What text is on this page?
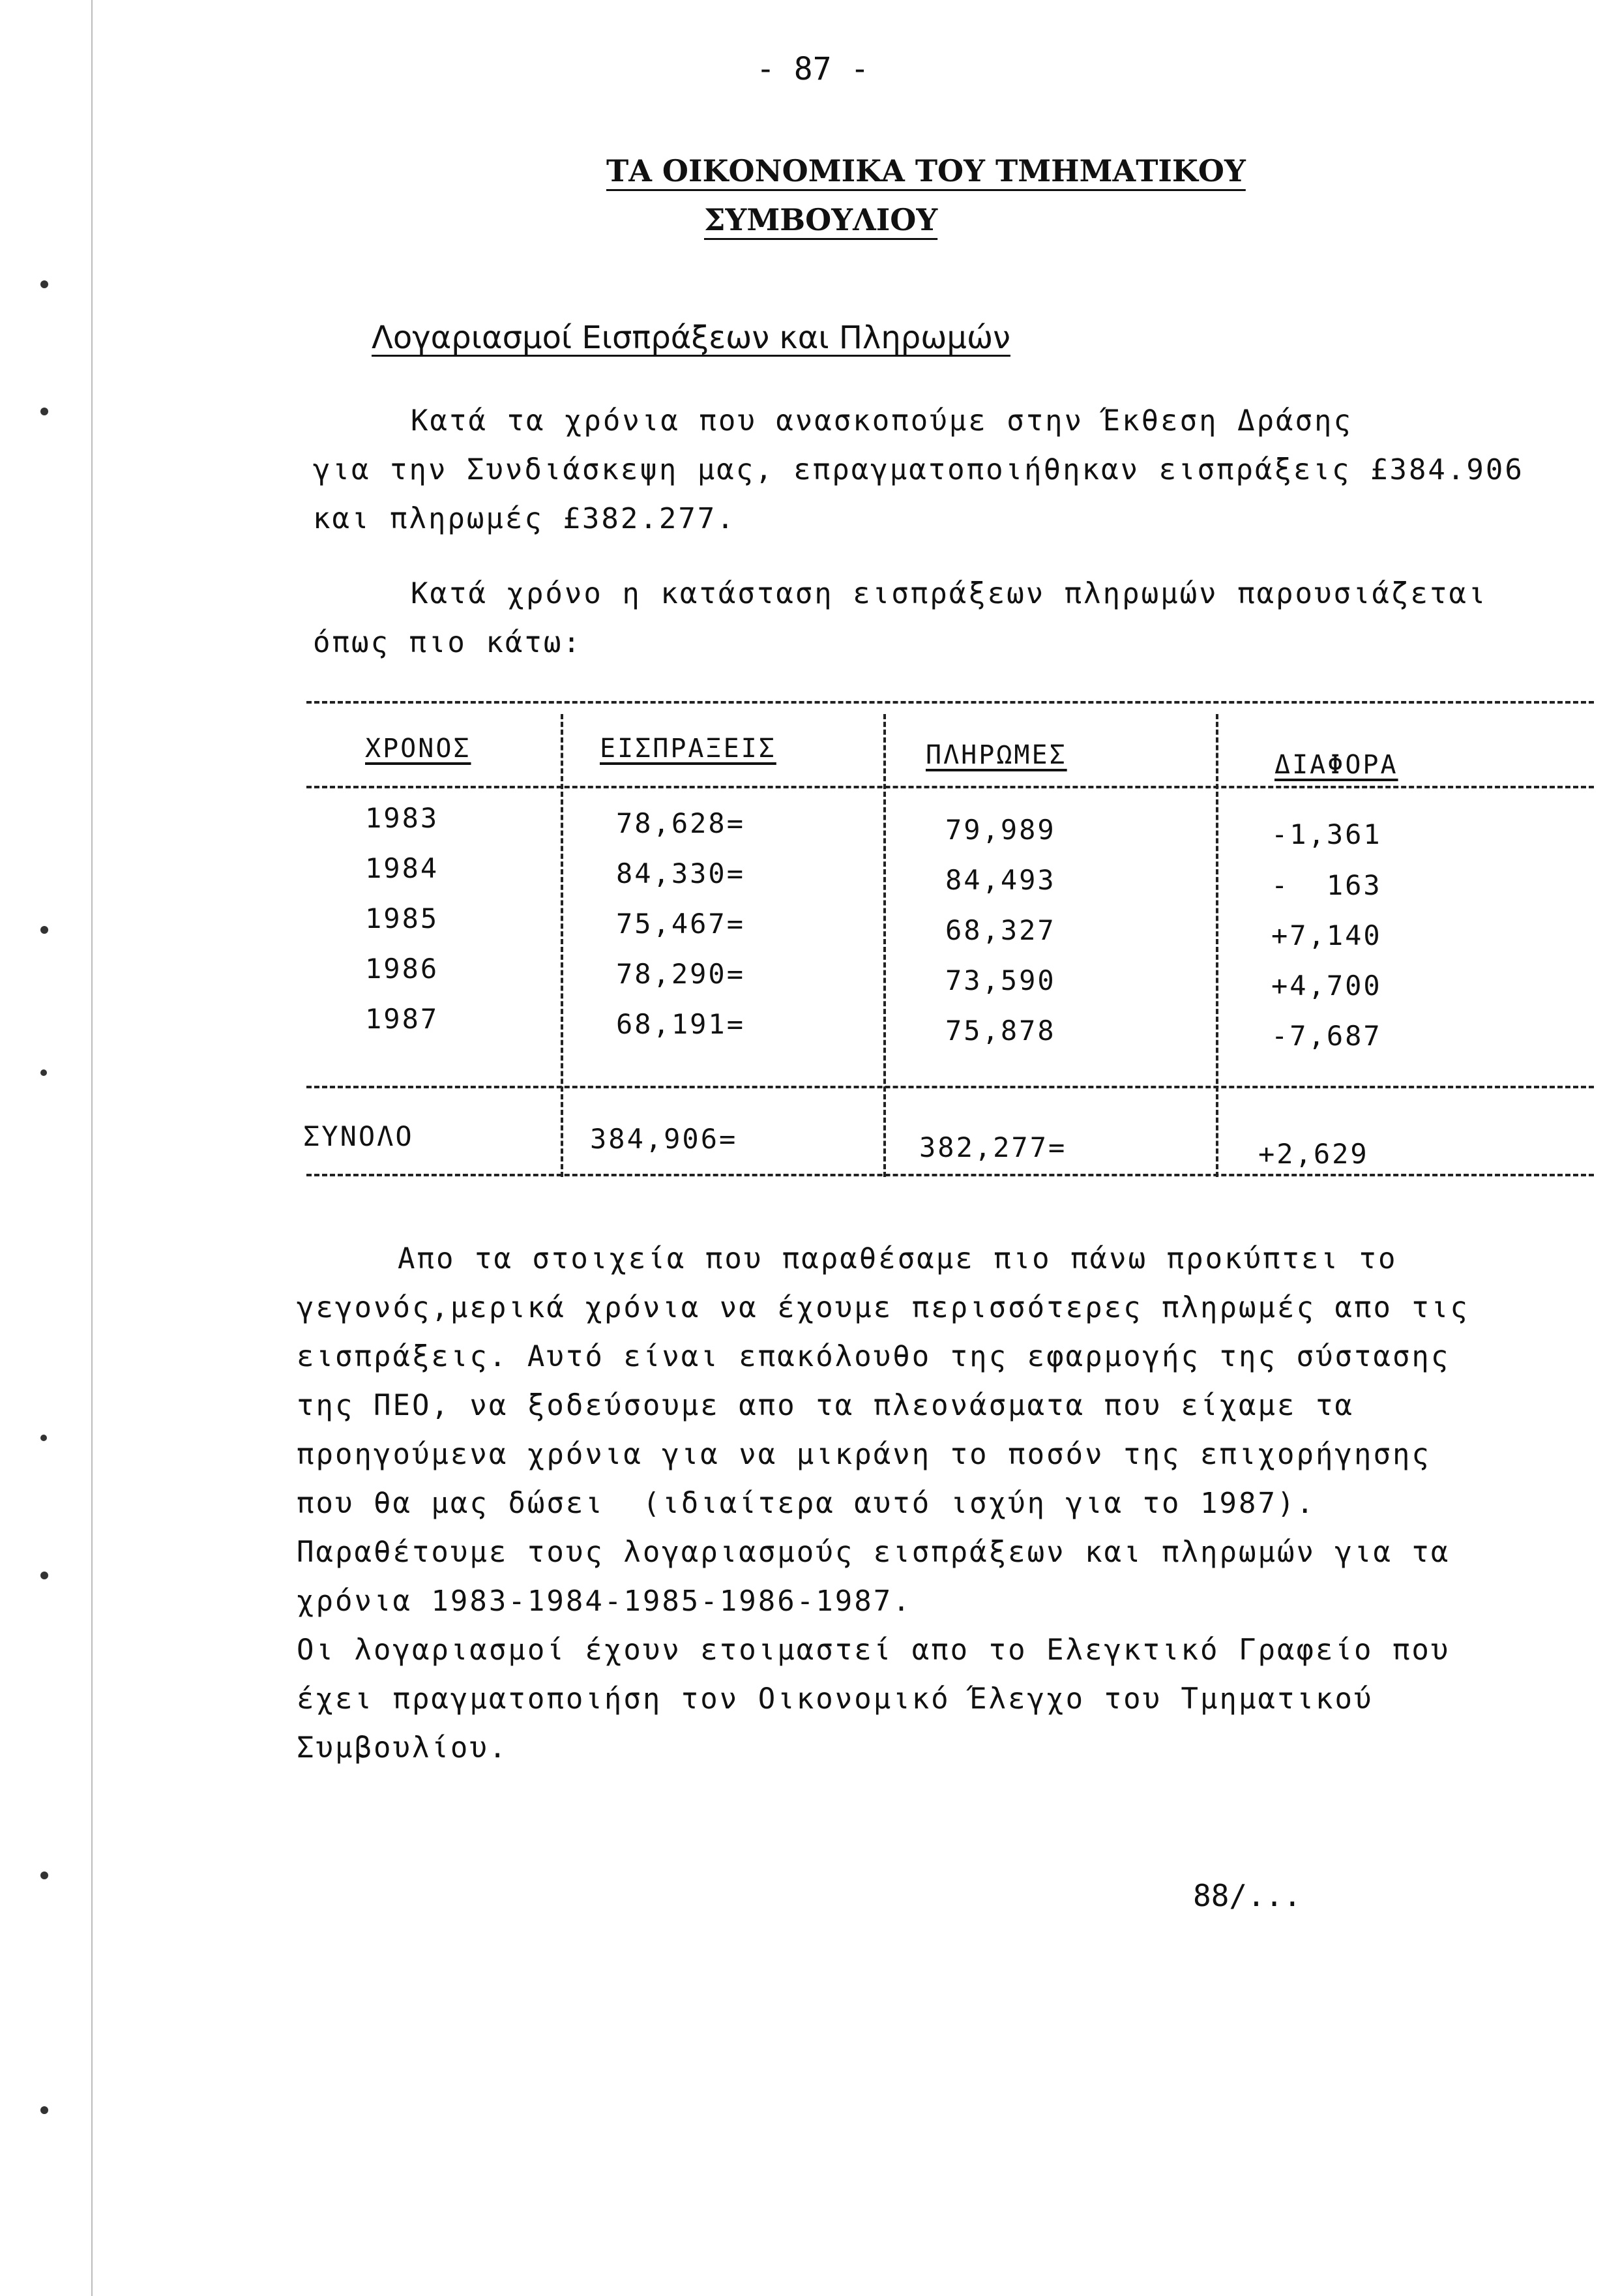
- 87 -
ΤΑ ΟΙΚΟΝΟΜΙΚΑ ΤΟΥ ΤΜΗΜΑΤΙΚΟΥ
ΣΥΜΒΟΥΛΙΟΥ
Λογαριασμοί Εισπράξεων και Πληρωμών
Κατά τα χρόνια που ανασκοπούμε στην Έκθεση Δράσης
για την Συνδιάσκεψη μας, επραγματοποιήθηκαν εισπράξεις £384.906
και πληρωμές £382.277.
Κατά χρόνο η κατάσταση εισπράξεων πληρωμών παρουσιάζεται
όπως πιο κάτω:
ΧΡΟΝΟΣ	ΕΙΣΠΡΑΞΕΙΣ	ΠΛΗΡΩΜΕΣ	ΔΙΑΦΟΡΑ
1983	78,628=	79,989	-1,361
1984	84,330=	84,493	-  163
1985	75,467=	68,327	+7,140
1986	78,290=	73,590	+4,700
1987	68,191=	75,878	-7,687
ΣΥΝΟΛΟ	384,906=	382,277=	+2,629
Απο τα στοιχεία που παραθέσαμε πιο πάνω προκύπτει το
γεγονός,μερικά χρόνια να έχουμε περισσότερες πληρωμές απο τις
εισπράξεις. Αυτό είναι επακόλουθο της εφαρμογής της σύστασης
της ΠΕΟ, να ξοδεύσουμε απο τα πλεονάσματα που είχαμε τα
προηγούμενα χρόνια για να μικράνη το ποσόν της επιχορήγησης
που θα μας δώσει  (ιδιαίτερα αυτό ισχύη για το 1987).
Παραθέτουμε τους λογαριασμούς εισπράξεων και πληρωμών για τα
χρόνια 1983-1984-1985-1986-1987.
Οι λογαριασμοί έχουν ετοιμαστεί απο το Ελεγκτικό Γραφείο που
έχει πραγματοποιήση τον Οικονομικό Έλεγχο του Τμηματικού
Συμβουλίου.
88/...
